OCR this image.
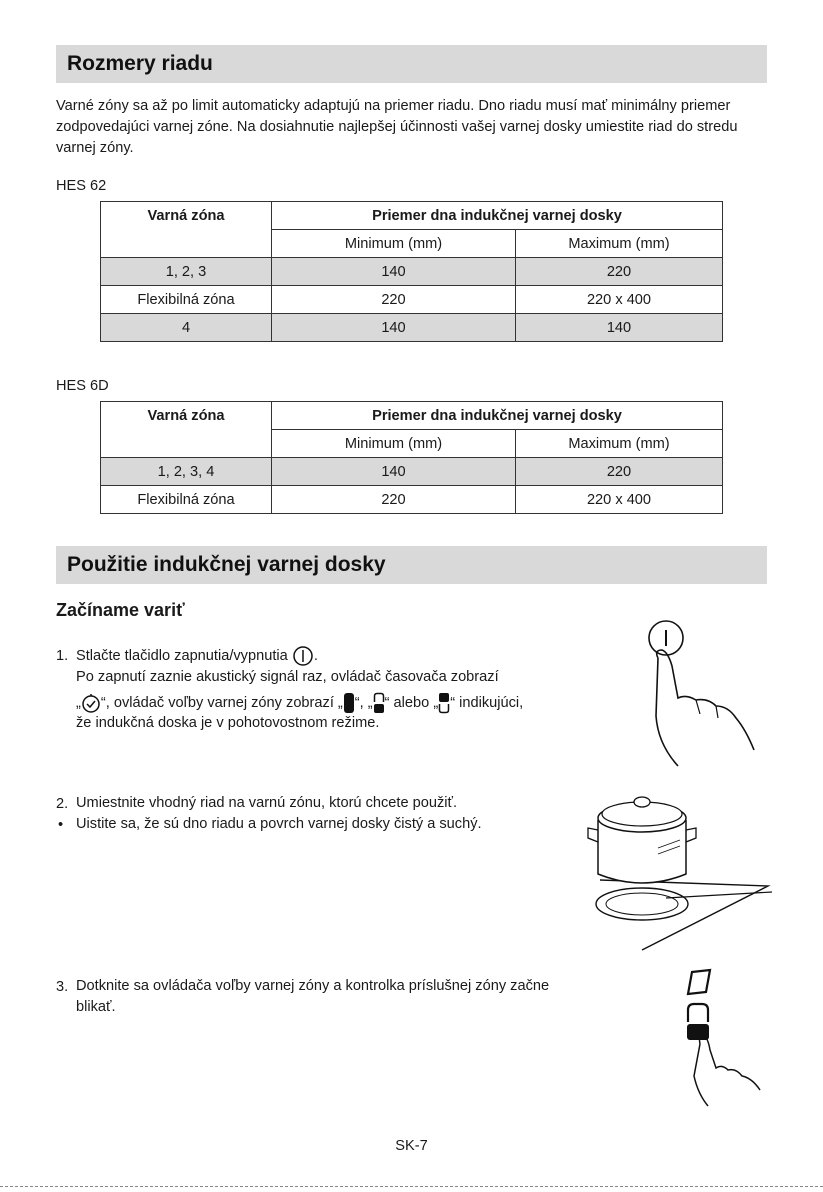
Rozmery riadu
Varné zóny sa až po limit automaticky adaptujú na priemer riadu. Dno riadu musí mať minimálny priemer zodpovedajúci varnej zóne. Na dosiahnutie najlepšej účinnosti vašej varnej dosky umiestite riad do stredu varnej zóny.
HES 62
Varná zóna	Priemer dna indukčnej varnej dosky	
	Minimum (mm)	Maximum (mm)
1, 2, 3	140	220
Flexibilná zóna	220	220 x 400
4	140	140
HES 6D
Varná zóna	Priemer dna indukčnej varnej dosky	
	Minimum (mm)	Maximum (mm)
1, 2, 3, 4	140	220
Flexibilná zóna	220	220 x 400
Použitie indukčnej varnej dosky
Začíname variť
1. Stlačte tlačidlo zapnutia/vypnutia .
Po zapnutí zaznie akustický signál raz, ovládač časovača zobrazí
„ “, ovládač voľby varnej zóny zobrazí „ “, „ “ alebo „ “ indikujúci,
že indukčná doska je v pohotovostnom režime.
2. Umiestnite vhodný riad na varnú zónu, ktorú chcete použiť.
• Uistite sa, že sú dno riadu a povrch varnej dosky čistý a suchý.
3. Dotknite sa ovládača voľby varnej zóny a kontrolka príslušnej zóny začne
blikať.
SK-7
